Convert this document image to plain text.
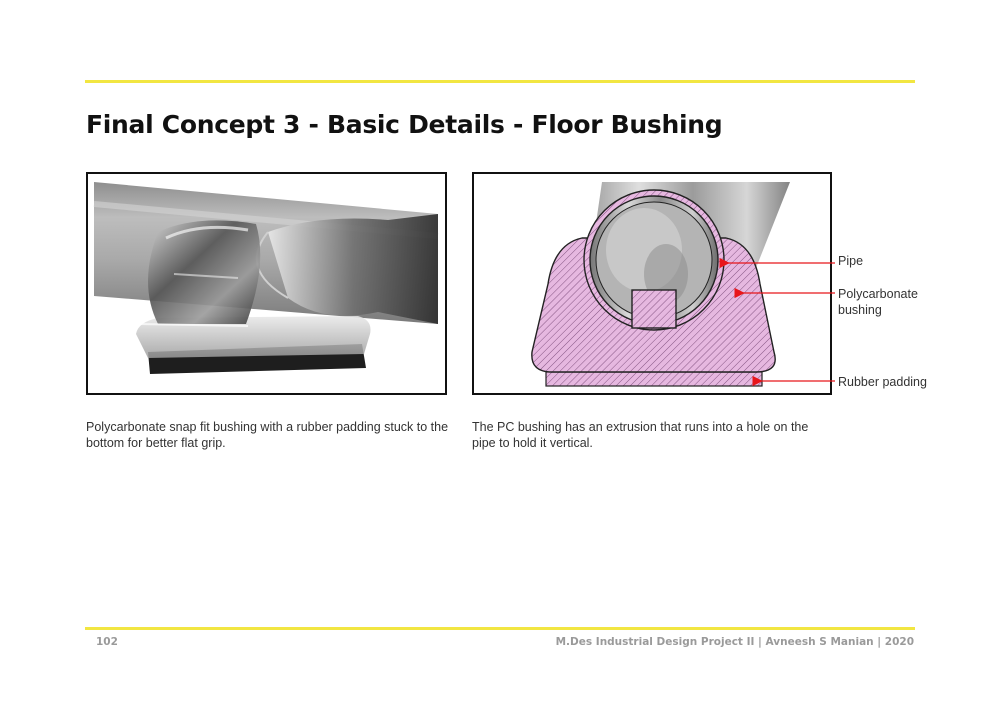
Final Concept 3 - Basic Details - Floor Bushing
Pipe
Polycarbonate bushing
Rubber padding

Polycarbonate snap fit bushing with a rubber padding stuck to the bottom for better flat grip.

The PC bushing has an extrusion that runs into a hole on the pipe to hold it vertical.

102	M.Des Industrial Design Project II | Avneesh S Manian | 2020
